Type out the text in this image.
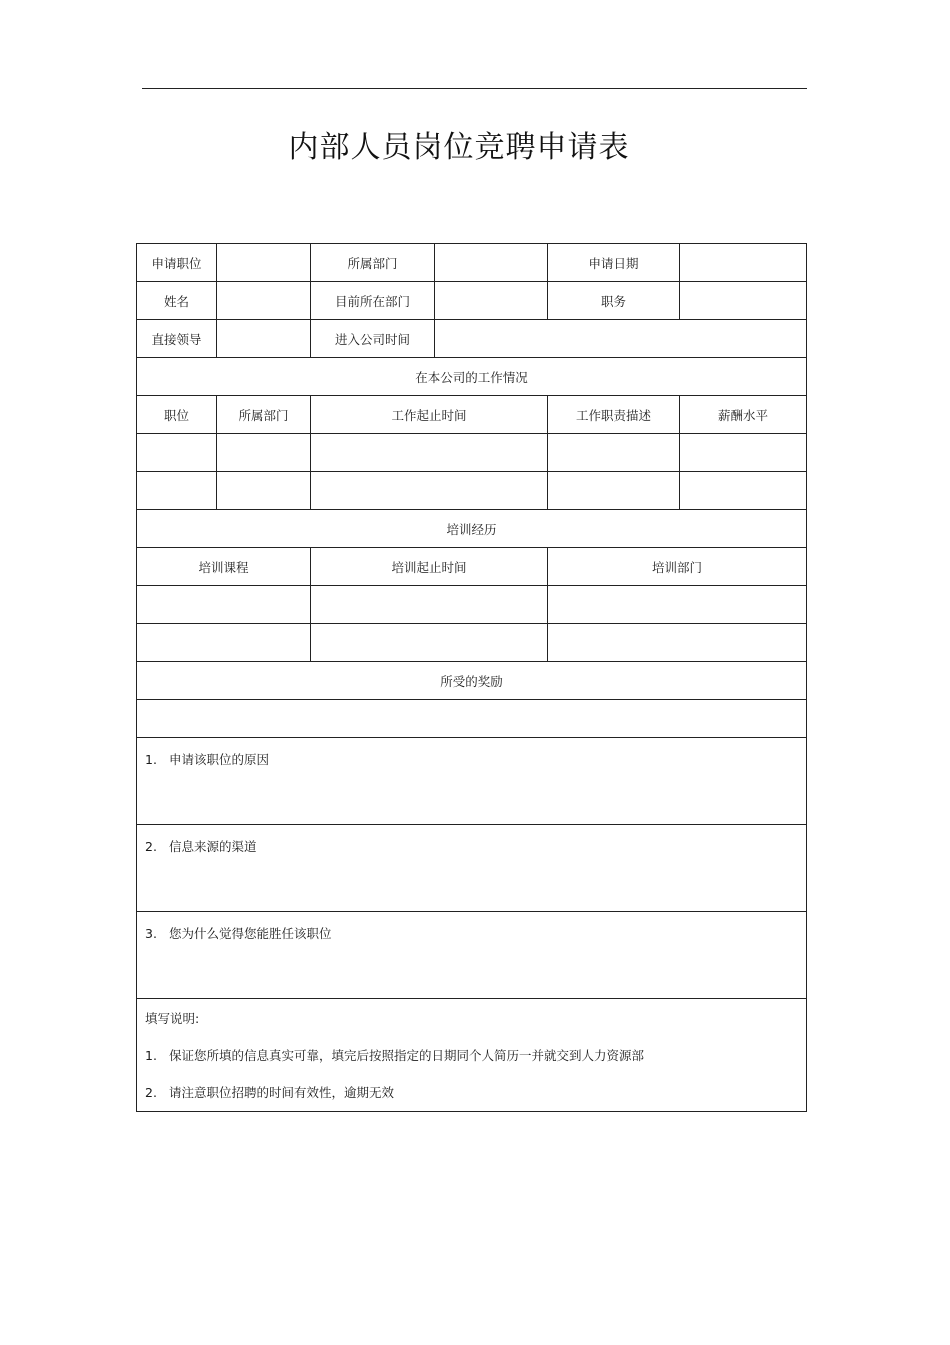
内部人员岗位竞聘申请表
申请职位		所属部门		申请日期	
姓名		目前所在部门		职务	
直接领导		进入公司时间			
在本公司的工作情况					
职位	所属部门	工作起止时间		工作职责描述	薪酬水平

培训经历					
培训课程		培训起止时间		培训部门	

所受的奖励					

1. 申请该职位的原因					
2. 信息来源的渠道					
3. 您为什么觉得您能胜任该职位					

填写说明:
1. 保证您所填的信息真实可靠，填完后按照指定的日期同个人简历一并就交到人力资源部
2. 请注意职位招聘的时间有效性，逾期无效					
